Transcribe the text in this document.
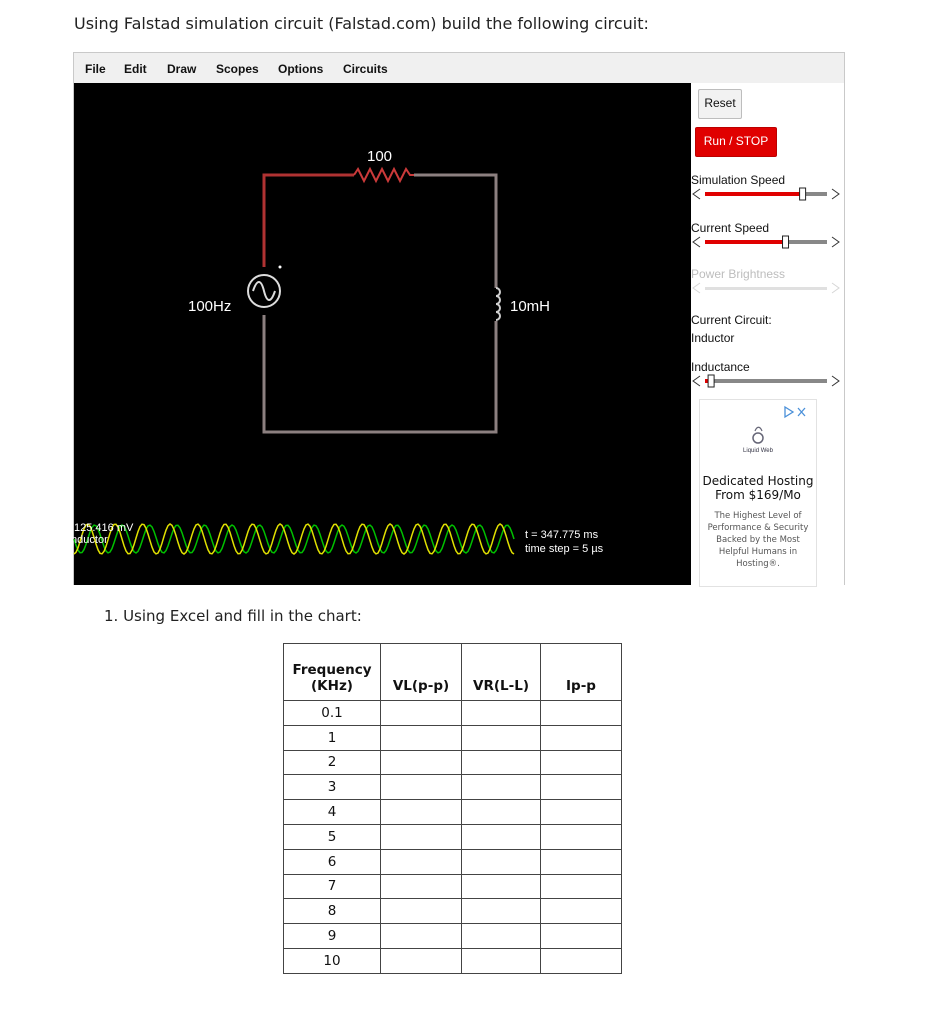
Using Falstad simulation circuit (Falstad.com) build the following circuit:
File Edit Draw Scopes Options Circuits
100
100Hz	10mH
125.416 mV
Inductor	t = 347.775 ms
time step = 5 µs
Reset
Run / STOP
Simulation Speed
Current Speed
Power Brightness
Current Circuit:
Inductor
Inductance
Liquid Web
Dedicated Hosting
From $169/Mo
The Highest Level of
Performance & Security
Backed by the Most
Helpful Humans in
Hosting®.
1. Using Excel and fill in the chart:
Frequency
(KHz)	VL(p-p)	VR(L-L)	Ip-p
0.1			
1			
2			
3			
4			
5			
6			
7			
8			
9			
10			
